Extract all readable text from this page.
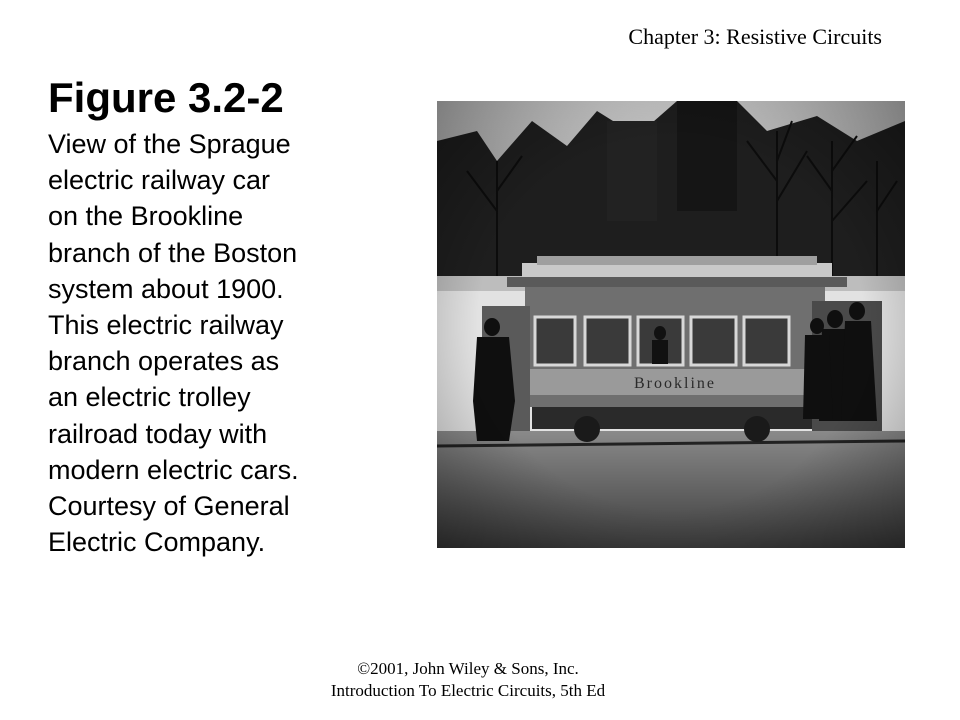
Chapter 3: Resistive Circuits
Figure 3.2-2
View of the Sprague
electric railway car
on the Brookline
branch of the Boston
system about 1900.
This electric railway
branch operates as
an electric trolley
railroad today with
modern electric cars.
Courtesy of General
Electric Company.
©2001, John Wiley & Sons, Inc.
Introduction To Electric Circuits, 5th Ed
